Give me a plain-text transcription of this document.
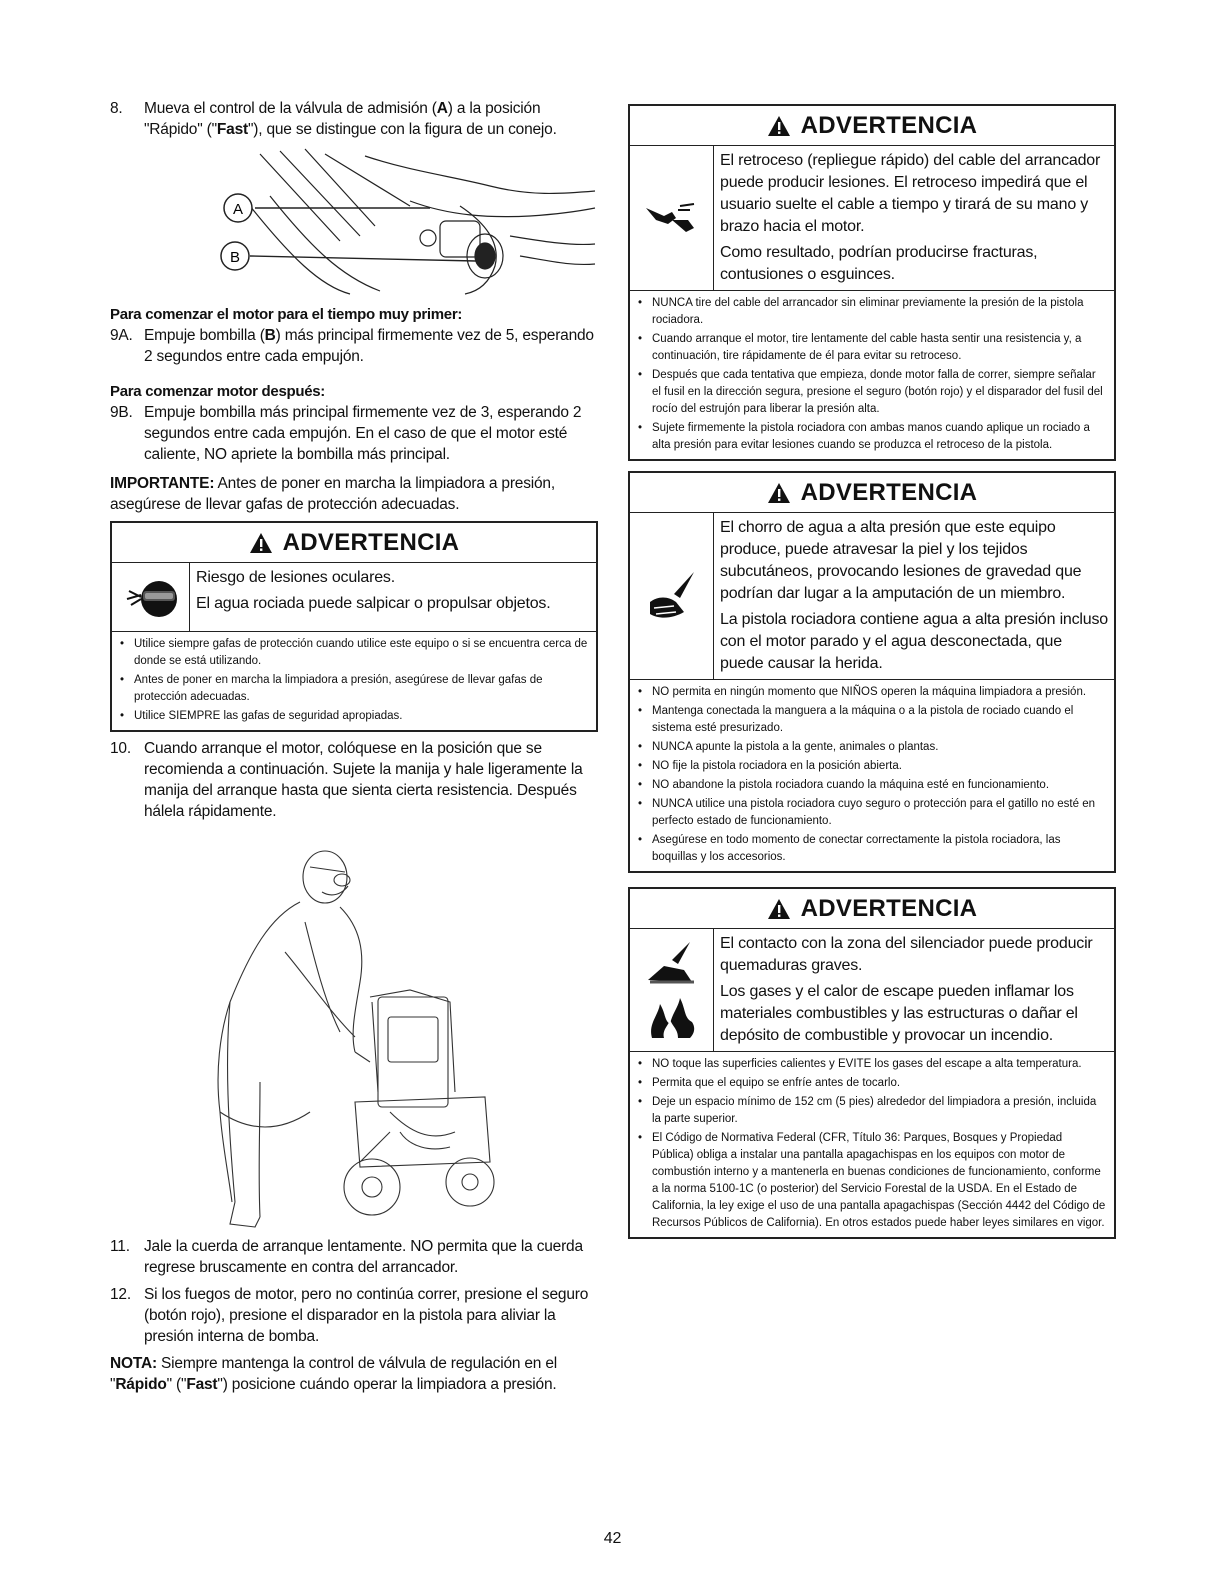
8.	Mueva el control de la válvula de admisión (A) a la posición "Rápido" ("Fast"), que se distingue con la figura de un conejo.

A
B

Para comenzar el motor para el tiempo muy primer:

9A. Empuje bombilla (B) más principal firmemente vez de 5, esperando 2 segundos entre cada empujón.

Para comenzar motor después:

9B. Empuje bombilla más principal firmemente vez de 3, esperando 2 segundos entre cada empujón. En el caso de que el motor esté caliente, NO apriete la bombilla más principal.

IMPORTANTE: Antes de poner en marcha la limpiadora a presión, asegúrese de llevar gafas de protección adecuadas.

ADVERTENCIA

Riesgo de lesiones oculares.

El agua rociada puede salpicar o propulsar objetos.

• Utilice siempre gafas de protección cuando utilice este equipo o si se encuentra cerca de donde se está utilizando.
• Antes de poner en marcha la limpiadora a presión, asegúrese de llevar gafas de protección adecuadas.
• Utilice SIEMPRE las gafas de seguridad apropiadas.

10. Cuando arranque el motor, colóquese en la posición que se recomienda a continuación. Sujete la manija y hale ligeramente la manija del arranque hasta que sienta cierta resistencia. Después hálela rápidamente.

11. Jale la cuerda de arranque lentamente. NO permita que la cuerda regrese bruscamente en contra del arrancador.

12. Si los fuegos de motor, pero no continúa correr, presione el seguro (botón rojo), presione el disparador en la pistola para aliviar la presión interna de bomba.

NOTA: Siempre mantenga la control de válvula de regulación en el "Rápido" ("Fast") posicione cuándo operar la limpiadora a presión.

ADVERTENCIA

El retroceso (repliegue rápido) del cable del arrancador puede producir lesiones. El retroceso impedirá que el usuario suelte el cable a tiempo y tirará de su mano y brazo hacia el motor.

Como resultado, podrían producirse fracturas, contusiones o esguinces.

• NUNCA tire del cable del arrancador sin eliminar previamente la presión de la pistola rociadora.
• Cuando arranque el motor, tire lentamente del cable hasta sentir una resistencia y, a continuación, tire rápidamente de él para evitar su retroceso.
• Después que cada tentativa que empieza, donde motor falla de correr, siempre señalar el fusil en la dirección segura, presione el seguro (botón rojo) y el disparador del fusil del rocío del estrujón para liberar la presión alta.
• Sujete firmemente la pistola rociadora con ambas manos cuando aplique un rociado a alta presión para evitar lesiones cuando se produzca el retroceso de la pistola.
ADVERTENCIA

El chorro de agua a alta presión que este equipo produce, puede atravesar la piel y los tejidos subcutáneos, provocando lesiones de gravedad que podrían dar lugar a la amputación de un miembro.

La pistola rociadora contiene agua a alta presión incluso con el motor parado y el agua desconectada, que puede causar la herida.

• NO permita en ningún momento que NIÑOS operen la máquina limpiadora a presión.
• Mantenga conectada la manguera a la máquina o a la pistola de rociado cuando el sistema esté presurizado.
• NUNCA apunte la pistola a la gente, animales o plantas.
• NO fije la pistola rociadora en la posición abierta.
• NO abandone la pistola rociadora cuando la máquina esté en funcionamiento.
• NUNCA utilice una pistola rociadora cuyo seguro o protección para el gatillo no esté en perfecto estado de funcionamiento.
• Asegúrese en todo momento de conectar correctamente la pistola rociadora, las boquillas y los accesorios.
ADVERTENCIA

El contacto con la zona del silenciador puede producir quemaduras graves.

Los gases y el calor de escape pueden inflamar los materiales combustibles y las estructuras o dañar el depósito de combustible y provocar un incendio.

• NO toque las superficies calientes y EVITE los gases del escape a alta temperatura.
• Permita que el equipo se enfríe antes de tocarlo.
• Deje un espacio mínimo de 152 cm (5 pies) alrededor del limpiadora a presión, incluida la parte superior.
• El Código de Normativa Federal (CFR, Título 36: Parques, Bosques y Propiedad Pública) obliga a instalar una pantalla apagachispas en los equipos con motor de combustión interno y a mantenerla en buenas condiciones de funcionamiento, conforme a la norma 5100-1C (o posterior) del Servicio Forestal de la USDA. En el Estado de California, la ley exige el uso de una pantalla apagachispas (Sección 4442 del Código de Recursos Públicos de California). En otros estados puede haber leyes similares en vigor.

42
